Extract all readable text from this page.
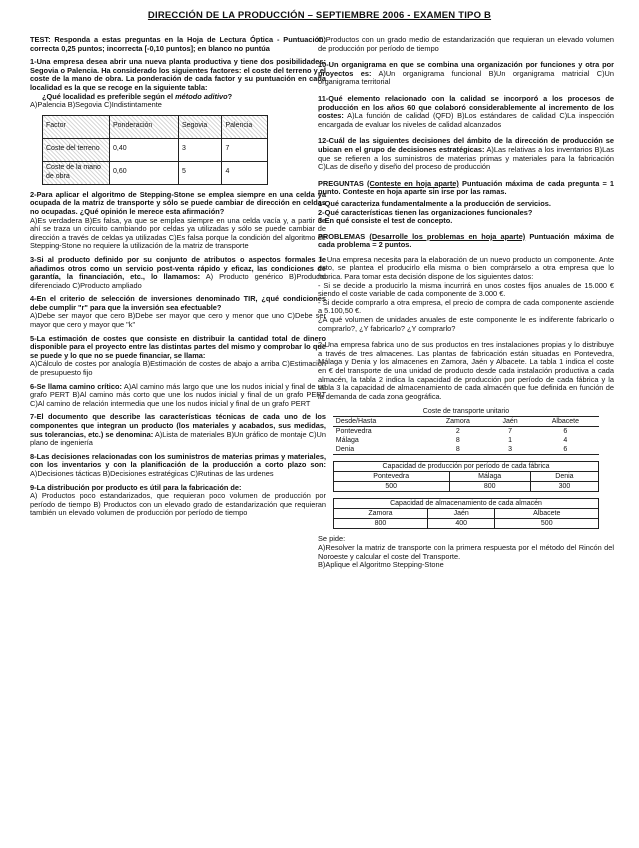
DIRECCIÓN DE LA PRODUCCIÓN – SEPTIEMBRE 2006 - EXAMEN TIPO B

TEST: Responda a estas preguntas en la Hoja de Lectura Óptica - Puntuación: correcta 0,25 puntos; incorrecta [-0,10 puntos]; en blanco no puntúa

1-Una empresa desea abrir una nueva planta productiva y tiene dos posibilidades: Segovia o Palencia. Ha considerado los siguientes factores: el coste del terreno y el coste de la mano de obra. La ponderación de cada factor y su puntuación en cada localidad es la que se recoge en la siguiente tabla:

¿Qué localidad es preferible según el método aditivo?

A)Palencia B)Segovia C)Indistintamente

Factor	Ponderación	Segovia	Palencia
Coste del terreno	0,40	3	7
Coste de la mano de obra	0,60	5	4

2-Para aplicar el algoritmo de Stepping-Stone se emplea siempre en una celda ya ocupada de la matriz de transporte y sólo se puede cambiar de dirección en celdas no ocupadas. ¿Qué opinión le merece esta afirmación?

A)Es verdadera B)Es falsa, ya que se emplea siempre en una celda vacía y, a partir de ahí se traza un circuito cambiando por celdas ya utilizadas y sólo se puede cambiar de dirección a través de celdas ya utilizadas C)Es falsa porque la condición del algoritmo de Stepping-Stone no requiere la utilización de la matriz de transporte

3-Si al producto definido por su conjunto de atributos o aspectos formales le añadimos otros como un servicio post-venta rápido y eficaz, las condiciones de garantía, la financiación, etc., lo llamamos: A) Producto genérico B)Producto diferenciado C)Producto ampliado

4-En el criterio de selección de inversiones denominado TIR, ¿qué condiciones debe cumplir "r" para que la inversión sea efectuable?

A)Debe ser mayor que cero B)Debe ser mayor que cero y menor que uno C)Debe ser mayor que cero y mayor que "k"

5-La estimación de costes que consiste en distribuir la cantidad total de dinero disponible para el proyecto entre las distintas partes del mismo y comprobar lo que se puede y lo que no se puede financiar, se llama:

A)Cálculo de costes por analogía B)Estimación de costes de abajo a arriba C)Estimación de presupuesto fijo

6-Se llama camino crítico: A)Al camino más largo que une los nudos inicial y final de un grafo PERT B)Al camino más corto que une los nudos inicial y final de un grafo PERT C)Al camino de relación intermedia que une los nudos inicial y final de un grafo PERT

7-El documento que describe las características técnicas de cada uno de los componentes que integran un producto (los materiales y acabados, sus medidas, sus tolerancias, etc.) se denomina: A)Lista de materiales B)Un gráfico de montaje C)Un plano de ingeniería

8-Las decisiones relacionadas con los suministros de materias primas y materiales, con los inventarios y con la planificación de la producción a corto plazo son: A)Decisiones tácticas B)Decisiones estratégicas C)Rutinas de las urdenes

9-La distribución por producto es útil para la fabricación de:

A) Productos poco estandarizados, que requieran poco volumen de producción por período de tiempo B) Productos con un elevado grado de estandarización que requieran también un elevado volumen de producción por período de tiempo

C)Productos con un grado medio de estandarización que requieran un elevado volumen de producción por período de tiempo

10-Un organigrama en que se combina una organización por funciones y otra por proyectos es: A)Un organigrama funcional B)Un organigrama matricial C)Un organigrama territorial

11-Qué elemento relacionado con la calidad se incorporó a los procesos de producción en los años 60 que colaboró considerablemente al incremento de los costes: A)La función de calidad (QFD) B)Los estándares de calidad C)La inspección encargada de evaluar los niveles de calidad alcanzados

12-Cuál de las siguientes decisiones del ámbito de la dirección de producción se ubican en el grupo de decisiones estratégicas: A)Las relativas a los inventarios B)Las que se refieren a los suministros de materias primas y materiales para la fabricación C)Las de diseño y diseño del proceso de producción

PREGUNTAS (Conteste en hoja aparte) Puntuación máxima de cada pregunta = 1 punto. Conteste en hoja aparte sin irse por las ramas.

1-Qué caracteriza fundamentalmente a la producción de servicios.

2-Qué características tienen las organizaciones funcionales?

3-En qué consiste el test de concepto.

PROBLEMAS (Desarrolle los problemas en hoja aparte) Puntuación máxima de cada problema = 2 puntos.

1- Una empresa necesita para la elaboración de un nuevo producto un componente. Ante esto, se plantea el producirlo ella misma o bien comprárselo a otra empresa que lo fabrica. Para tomar esta decisión dispone de los siguientes datos:

- Si se decide a producirlo la misma incurrirá en unos costes fijos anuales de 15.000 € siendo el coste variable de cada componente de 3.000 €.

- Si decide comprarlo a otra empresa, el precio de compra de cada componente asciende a 5.100,50 €.

¿A qué volumen de unidades anuales de este componente le es indiferente fabricarlo o comprarlo?, ¿Y fabricarlo? ¿Y comprarlo?

2-Una empresa fabrica uno de sus productos en tres instalaciones propias y lo distribuye a través de tres almacenes. Las plantas de fabricación están situadas en Pontevedra, Málaga y Denia y los almacenes en Zamora, Jaén y Albacete. La tabla 1 indica el coste en € del transporte de una unidad de producto desde cada instalación productiva a cada almacén, la tabla 2 indica la capacidad de producción por período de cada fábrica y la tabla 3 la capacidad de almacenamiento de cada almacén que fue definida en función de la demanda de cada zona geográfica.

Coste de transporte unitario			
Desde/Hasta	Zamora	Jaén	Albacete
Pontevedra	2	7	6
Málaga	8	1	4
Denia	8	3	6
Capacidad de producción por período de cada fábrica		
Pontevedra	Málaga	Denia
500	800	300
Capacidad de almacenamiento de cada almacén		
Zamora	Jaén	Albacete
800	400	500

Se pide:

A)Resolver la matriz de transporte con la primera respuesta por el método del Rincón del Noroeste y calcular el coste del Transporte.

B)Aplique el Algoritmo Stepping-Stone
